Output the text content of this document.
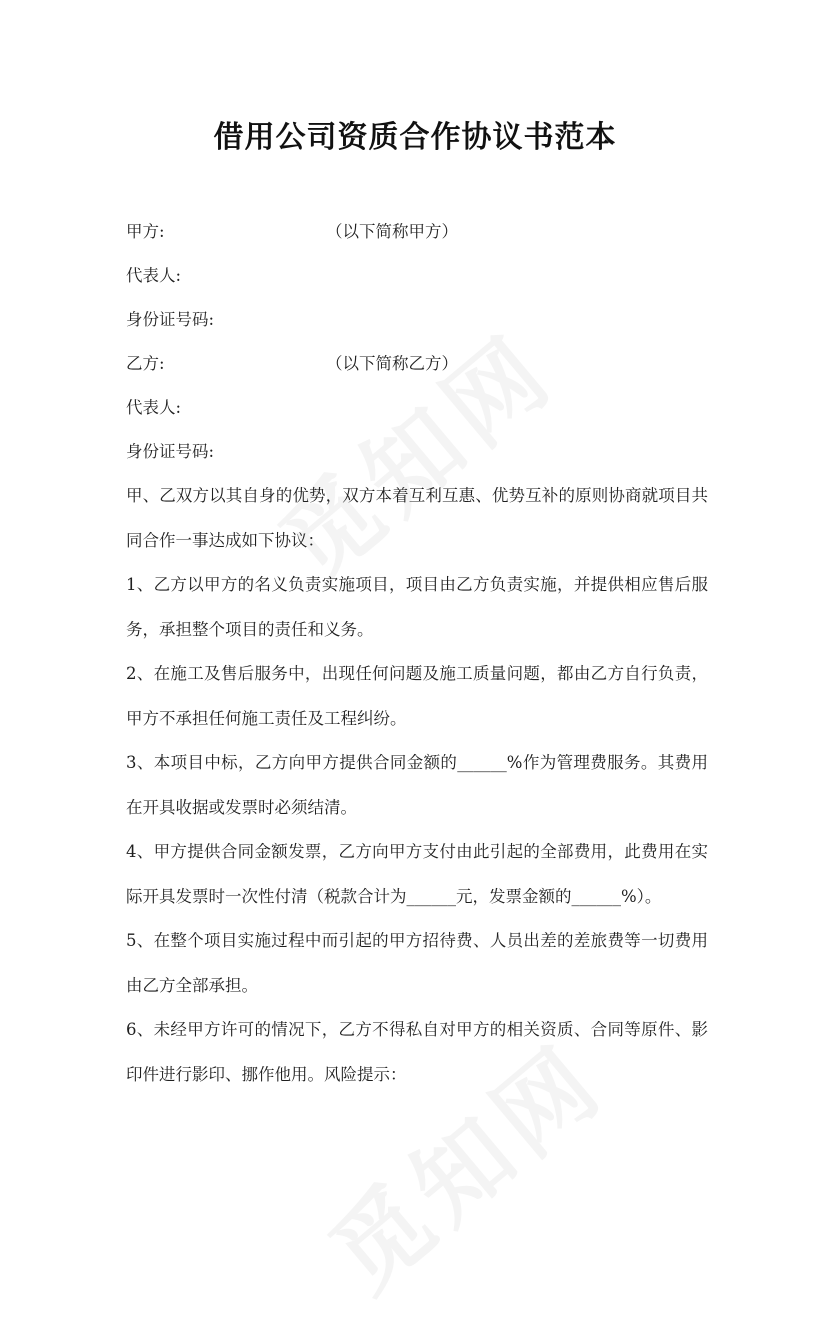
借用公司资质合作协议书范本
甲方:	（以下简称甲方）
代表人:
身份证号码:
乙方:	（以下简称乙方）
代表人:
身份证号码:
甲、乙双方以其自身的优势，双方本着互利互惠、优势互补的原则协商就项目共同合作一事达成如下协议：
1、乙方以甲方的名义负责实施项目，项目由乙方负责实施，并提供相应售后服务，承担整个项目的责任和义务。
2、在施工及售后服务中，出现任何问题及施工质量问题，都由乙方自行负责，甲方不承担任何施工责任及工程纠纷。
3、本项目中标，乙方向甲方提供合同金额的______%作为管理费服务。其费用在开具收据或发票时必须结清。
4、甲方提供合同金额发票，乙方向甲方支付由此引起的全部费用，此费用在实际开具发票时一次性付清（税款合计为______元，发票金额的______%）。
5、在整个项目实施过程中而引起的甲方招待费、人员出差的差旅费等一切费用由乙方全部承担。
6、未经甲方许可的情况下，乙方不得私自对甲方的相关资质、合同等原件、影印件进行影印、挪作他用。风险提示：
